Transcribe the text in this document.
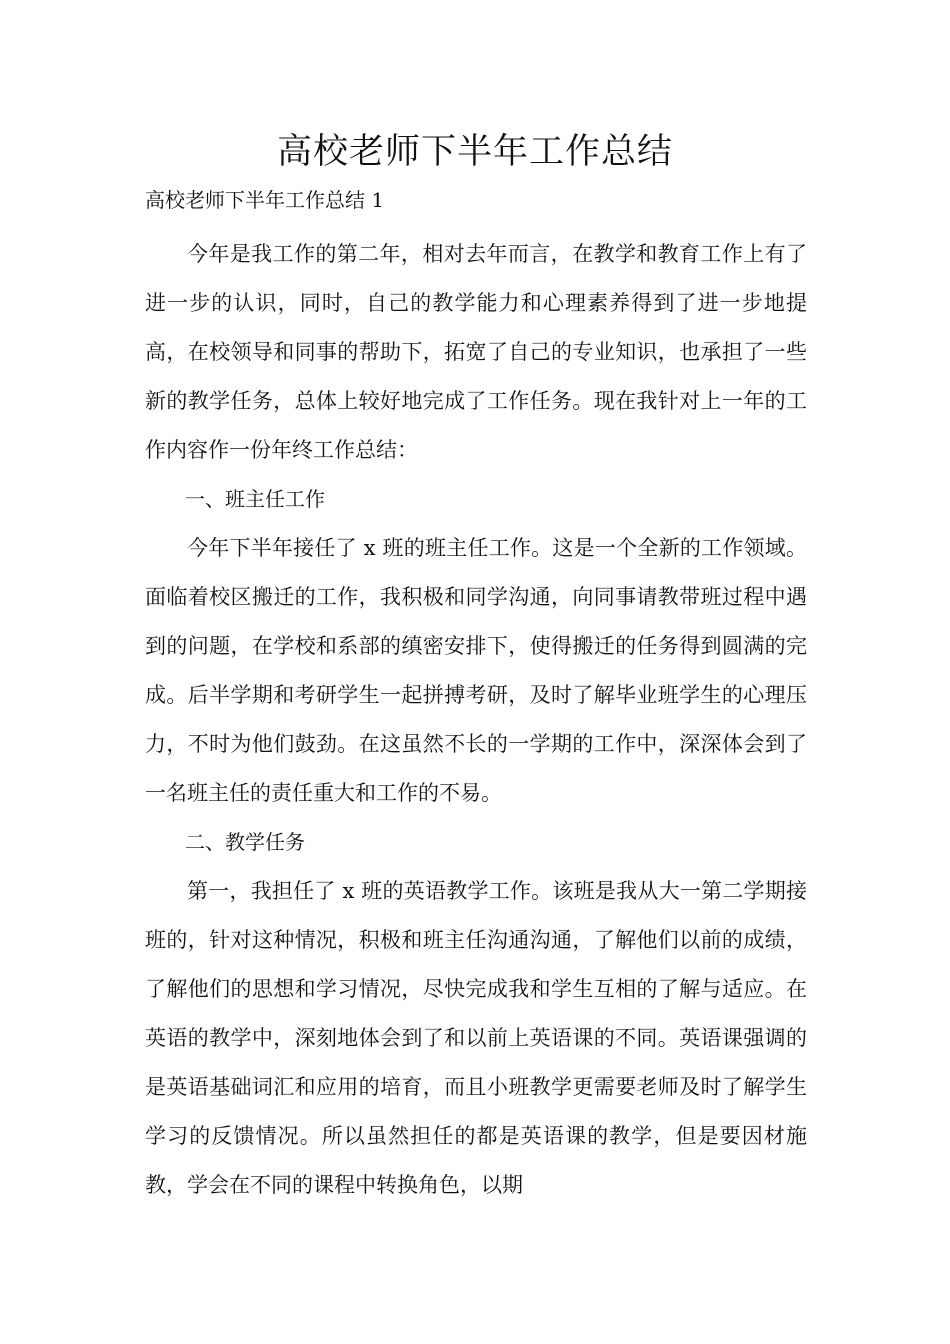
高校老师下半年工作总结

高校老师下半年工作总结 1

今年是我工作的第二年，相对去年而言，在教学和教育工作上有了进一步的认识，同时，自己的教学能力和心理素养得到了进一步地提高，在校领导和同事的帮助下，拓宽了自己的专业知识，也承担了一些新的教学任务，总体上较好地完成了工作任务。现在我针对上一年的工作内容作一份年终工作总结：

一、班主任工作

今年下半年接任了 x 班的班主任工作。这是一个全新的工作领域。面临着校区搬迁的工作，我积极和同学沟通，向同事请教带班过程中遇到的问题，在学校和系部的缜密安排下，使得搬迁的任务得到圆满的完成。后半学期和考研学生一起拼搏考研，及时了解毕业班学生的心理压力，不时为他们鼓劲。在这虽然不长的一学期的工作中，深深体会到了一名班主任的责任重大和工作的不易。

二、教学任务

第一，我担任了 x 班的英语教学工作。该班是我从大一第二学期接班的，针对这种情况，积极和班主任沟通沟通，了解他们以前的成绩，了解他们的思想和学习情况，尽快完成我和学生互相的了解与适应。在英语的教学中，深刻地体会到了和以前上英语课的不同。英语课强调的是英语基础词汇和应用的培育，而且小班教学更需要老师及时了解学生学习的反馈情况。所以虽然担任的都是英语课的教学，但是要因材施教，学会在不同的课程中转换角色，以期
